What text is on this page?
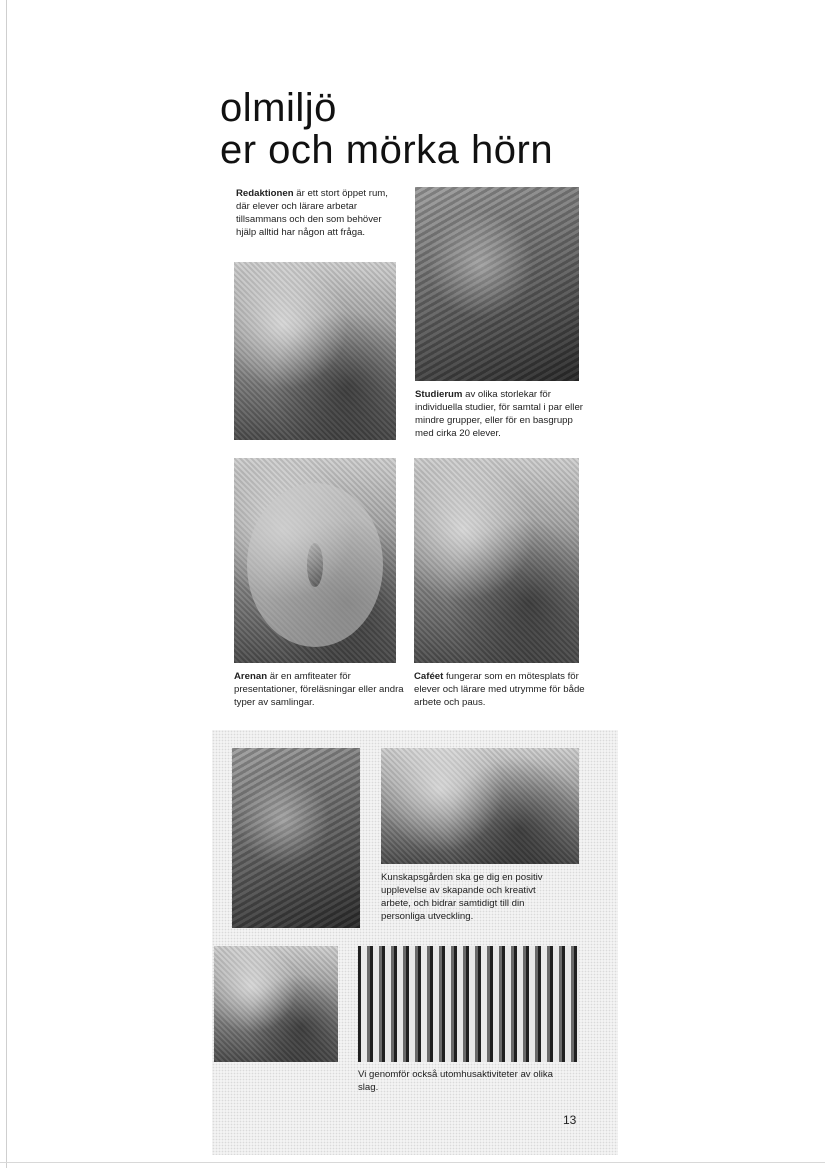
olmiljö
er och mörka hörn

Redaktionen är ett stort öppet rum, där elever och lärare arbetar tillsammans och den som behöver hjälp alltid har någon att fråga.

Studierum av olika storlekar för individuella studier, för samtal i par eller mindre grupper, eller för en basgrupp med cirka 20 elever.

Arenan är en amfiteater för presentationer, föreläsningar eller andra typer av samlingar.

Caféet fungerar som en mötesplats för elever och lärare med utrymme för både arbete och paus.

Kunskapsgården ska ge dig en positiv upplevelse av skapande och kreativt arbete, och bidrar samtidigt till din personliga utveckling.

Vi genomför också utomhusaktiviteter av olika slag.

13
